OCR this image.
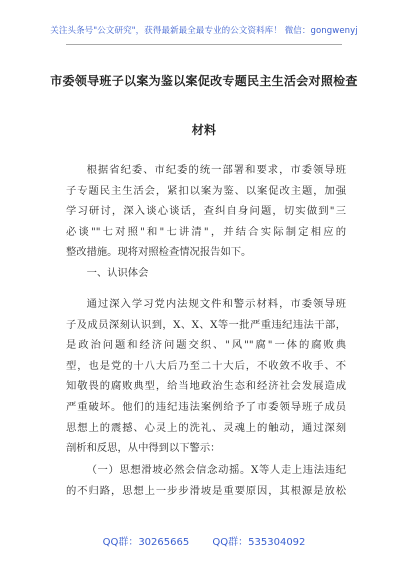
关注头条号"公文研究"，获得最新最全最专业的公文资料库！ 微信：gongwenyj
市委领导班子以案为鉴以案促改专题民主生活会对照检查
材料
根据省纪委、市纪委的统一部署和要求，市委领导班
子专题民主生活会，紧扣以案为鉴、以案促改主题，加强
学习研讨，深入谈心谈话，查纠自身问题，切实做到"三
必谈""七对照"和"七讲清"，并结合实际制定相应的
整改措施。现将对照检查情况报告如下。
一、认识体会
通过深入学习党内法规文件和警示材料，市委领导班
子及成员深刻认识到，X、X、X等一批严重违纪违法干部，
是政治问题和经济问题交织、"风""腐"一体的腐败典
型，也是党的十八大后乃至二十大后，不收敛不收手、不
知敬畏的腐败典型，给当地政治生态和经济社会发展造成
严重破坏。他们的违纪违法案例给予了市委领导班子成员
思想上的震撼、心灵上的洗礼、灵魂上的触动，通过深刻
剖析和反思，从中得到以下警示：
（一）思想滑坡必然会信念动摇。X等人走上违法违纪
的不归路，思想上一步步滑坡是重要原因，其根源是放松
QQ群：30265665 QQ群：535304092
